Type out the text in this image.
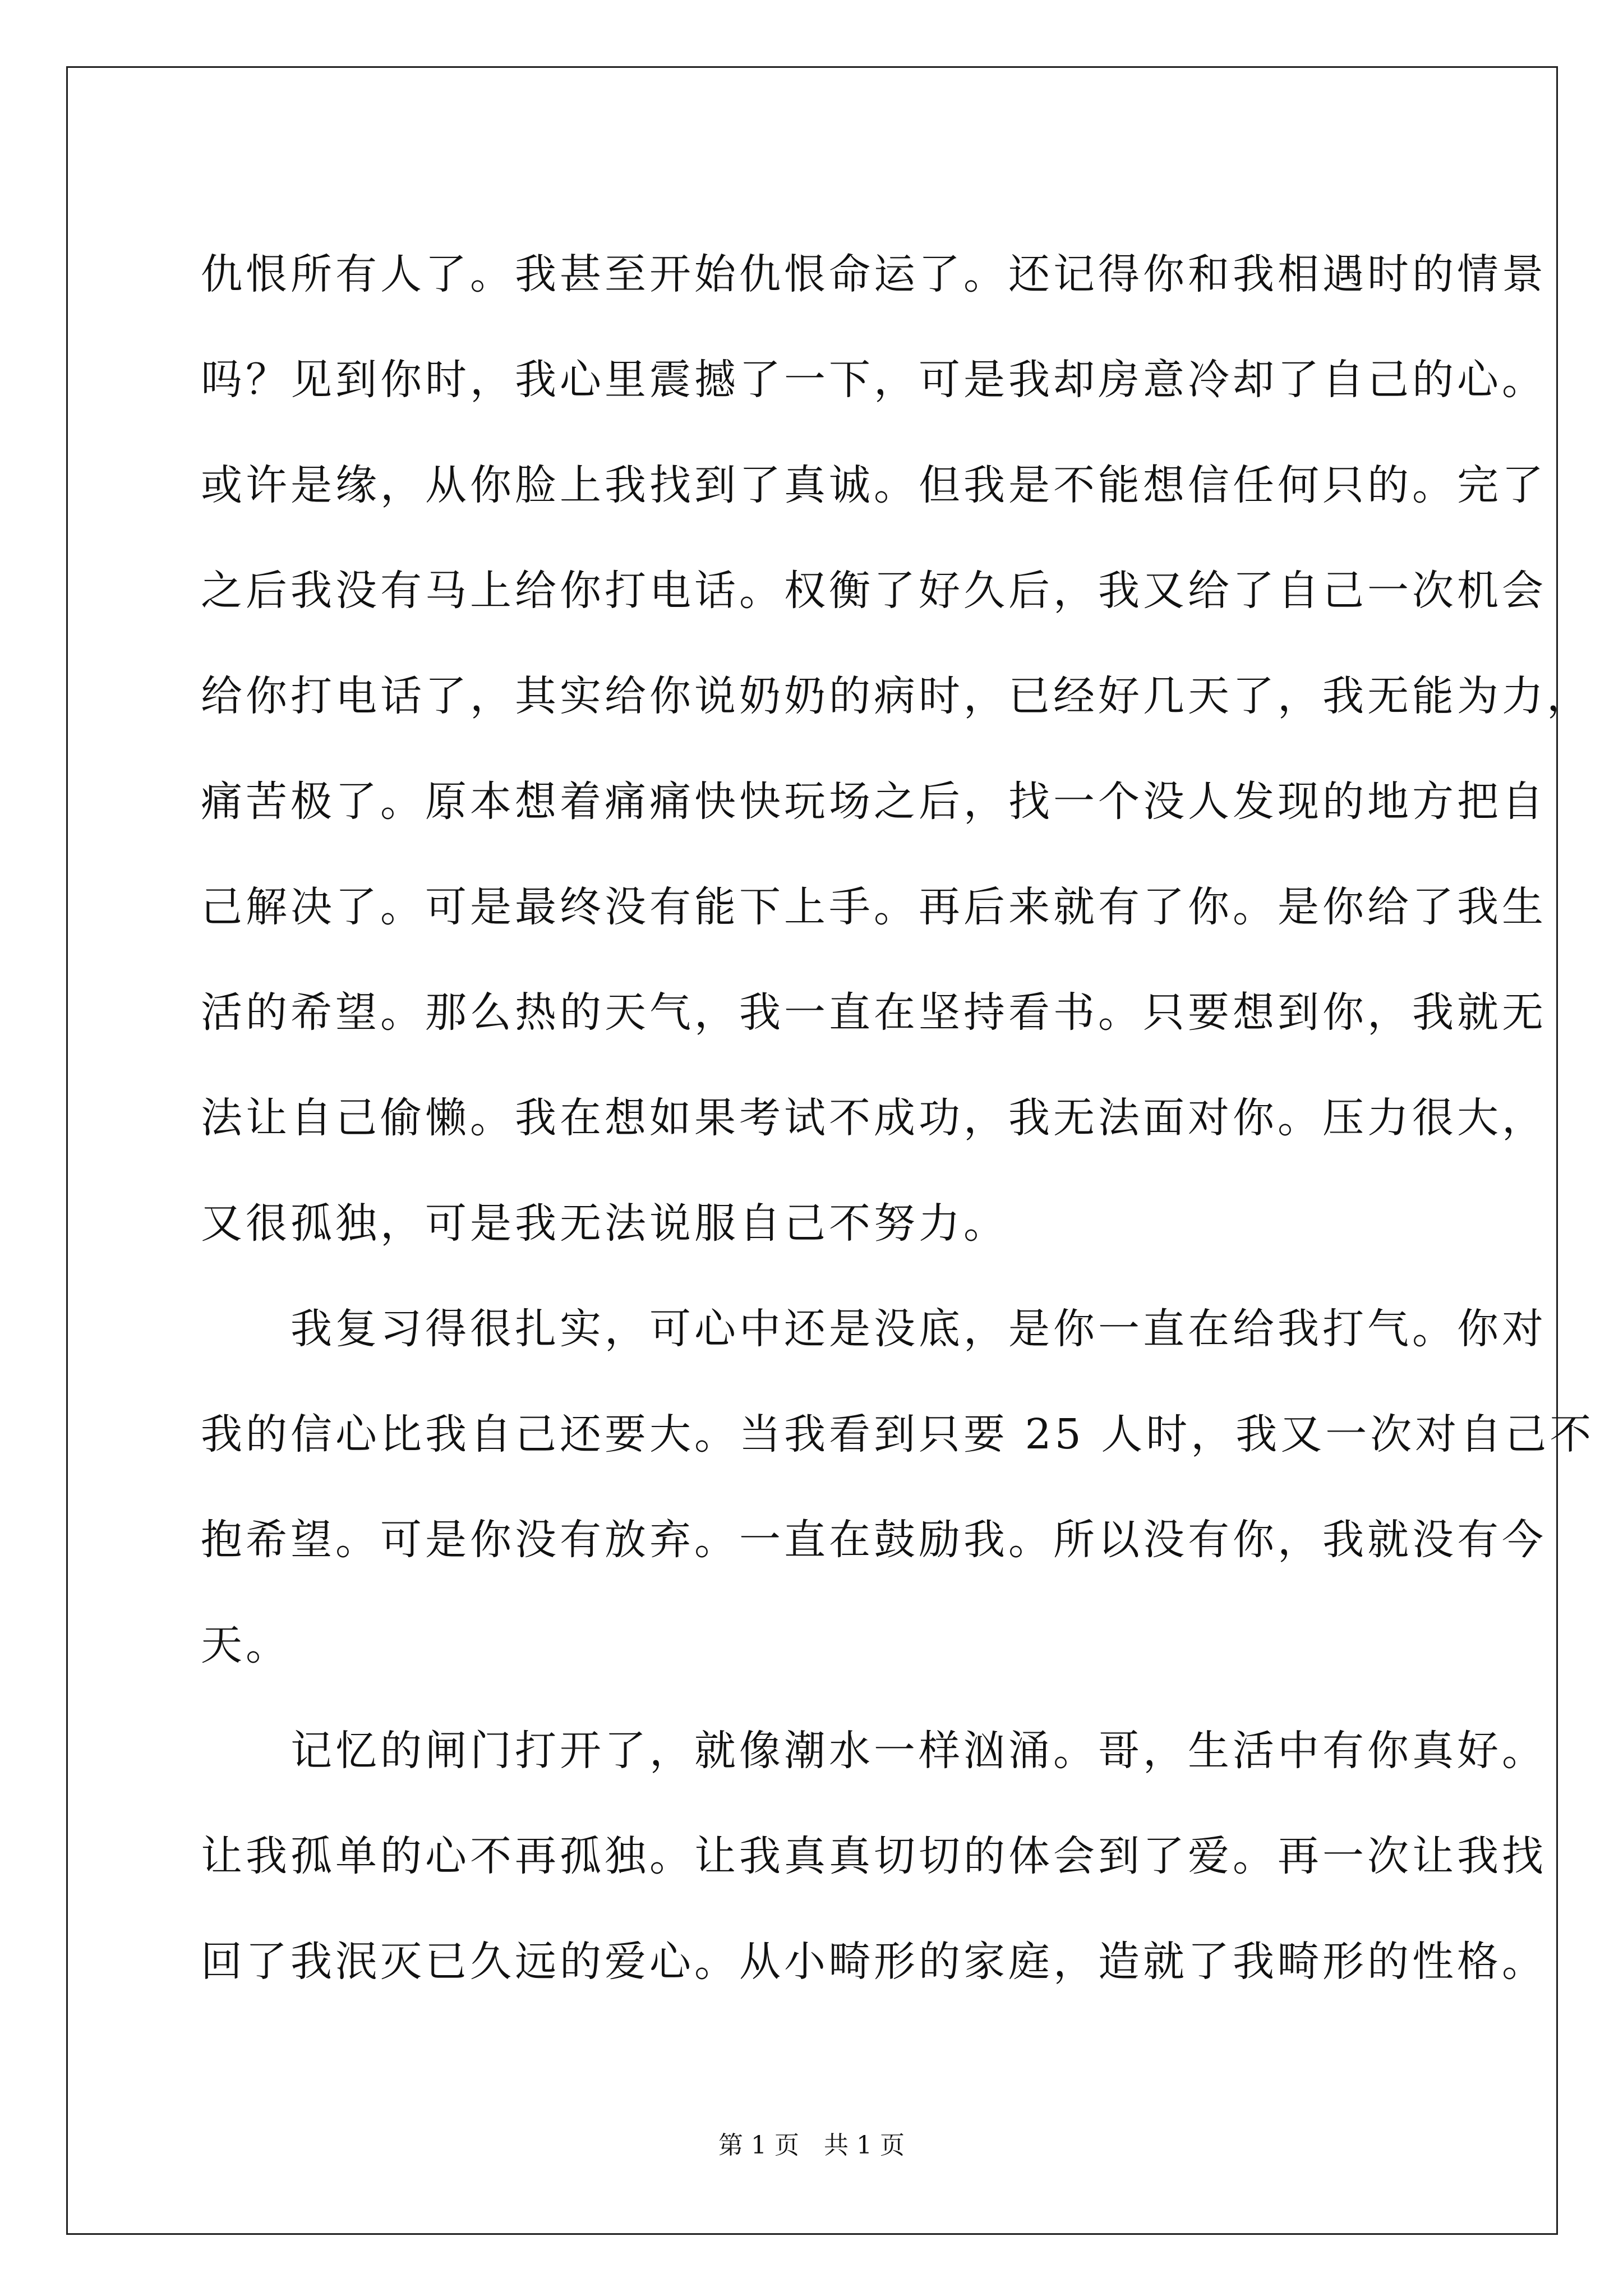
仇恨所有人了。我甚至开始仇恨命运了。还记得你和我相遇时的情景
吗？见到你时，我心里震撼了一下，可是我却房意冷却了自己的心。
或许是缘，从你脸上我找到了真诚。但我是不能想信任何只的。完了
之后我没有马上给你打电话。权衡了好久后，我又给了自己一次机会
给你打电话了，其实给你说奶奶的病时，已经好几天了，我无能为力，
痛苦极了。原本想着痛痛快快玩场之后，找一个没人发现的地方把自
己解决了。可是最终没有能下上手。再后来就有了你。是你给了我生
活的希望。那么热的天气，我一直在坚持看书。只要想到你，我就无
法让自己偷懒。我在想如果考试不成功，我无法面对你。压力很大，
又很孤独，可是我无法说服自己不努力。
　　我复习得很扎实，可心中还是没底，是你一直在给我打气。你对
我的信心比我自己还要大。当我看到只要 25 人时，我又一次对自己不
抱希望。可是你没有放弃。一直在鼓励我。所以没有你，我就没有今
天。
　　记忆的闸门打开了，就像潮水一样汹涌。哥，生活中有你真好。
让我孤单的心不再孤独。让我真真切切的体会到了爱。再一次让我找
回了我泯灭已久远的爱心。从小畸形的家庭，造就了我畸形的性格。
第 1 页　共 1 页
